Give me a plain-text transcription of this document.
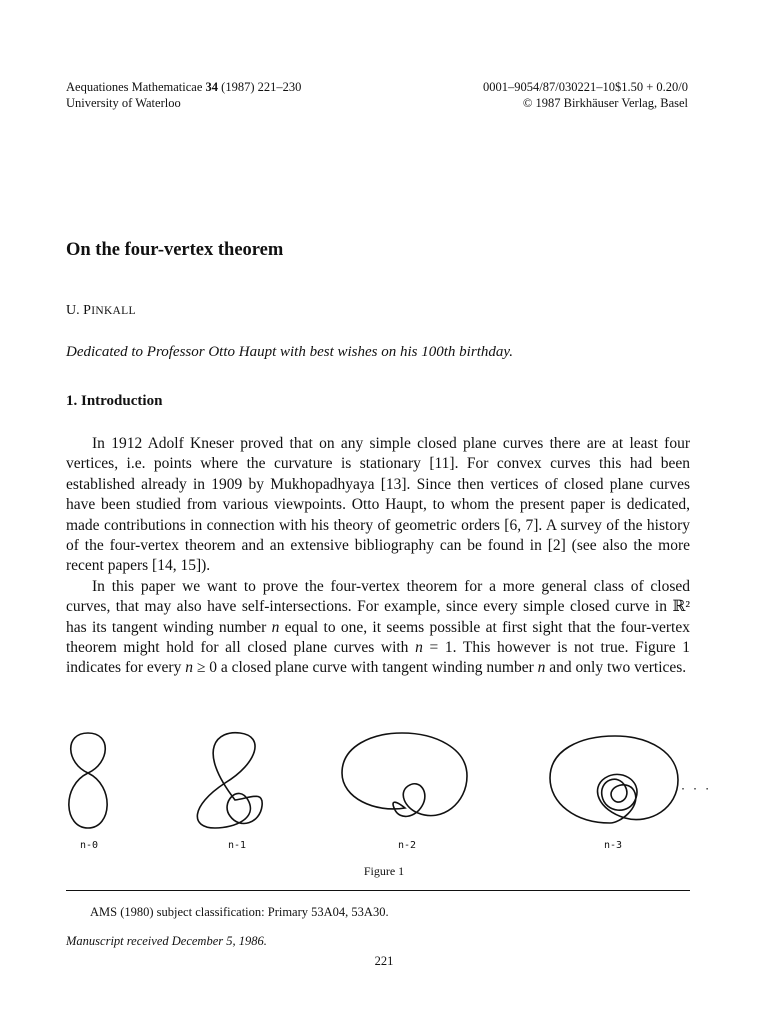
Aequationes Mathematicae 34 (1987) 221–230
University of Waterloo
0001–9054/87/030221–10$1.50 + 0.20/0
© 1987 Birkhäuser Verlag, Basel
On the four-vertex theorem
U. PINKALL
Dedicated to Professor Otto Haupt with best wishes on his 100th birthday.
1. Introduction

In 1912 Adolf Kneser proved that on any simple closed plane curves there are at least four vertices, i.e. points where the curvature is stationary [11]. For convex curves this had been established already in 1909 by Mukhopadhyaya [13]. Since then vertices of closed plane curves have been studied from various viewpoints. Otto Haupt, to whom the present paper is dedicated, made contributions in connection with his theory of geometric orders [6, 7]. A survey of the history of the four-vertex theorem and an extensive bibliography can be found in [2] (see also the more recent papers [14, 15]).

In this paper we want to prove the four-vertex theorem for a more general class of closed curves, that may also have self-intersections. For example, since every simple closed curve in ℝ² has its tangent winding number n equal to one, it seems possible at first sight that the four-vertex theorem might hold for all closed plane curves with n = 1. This however is not true. Figure 1 indicates for every n ≥ 0 a closed plane curve with tangent winding number n and only two vertices.

n-0	n-1	n-2	n-3
· · ·
Figure 1
AMS (1980) subject classification: Primary 53A04, 53A30.
Manuscript received December 5, 1986.
221
